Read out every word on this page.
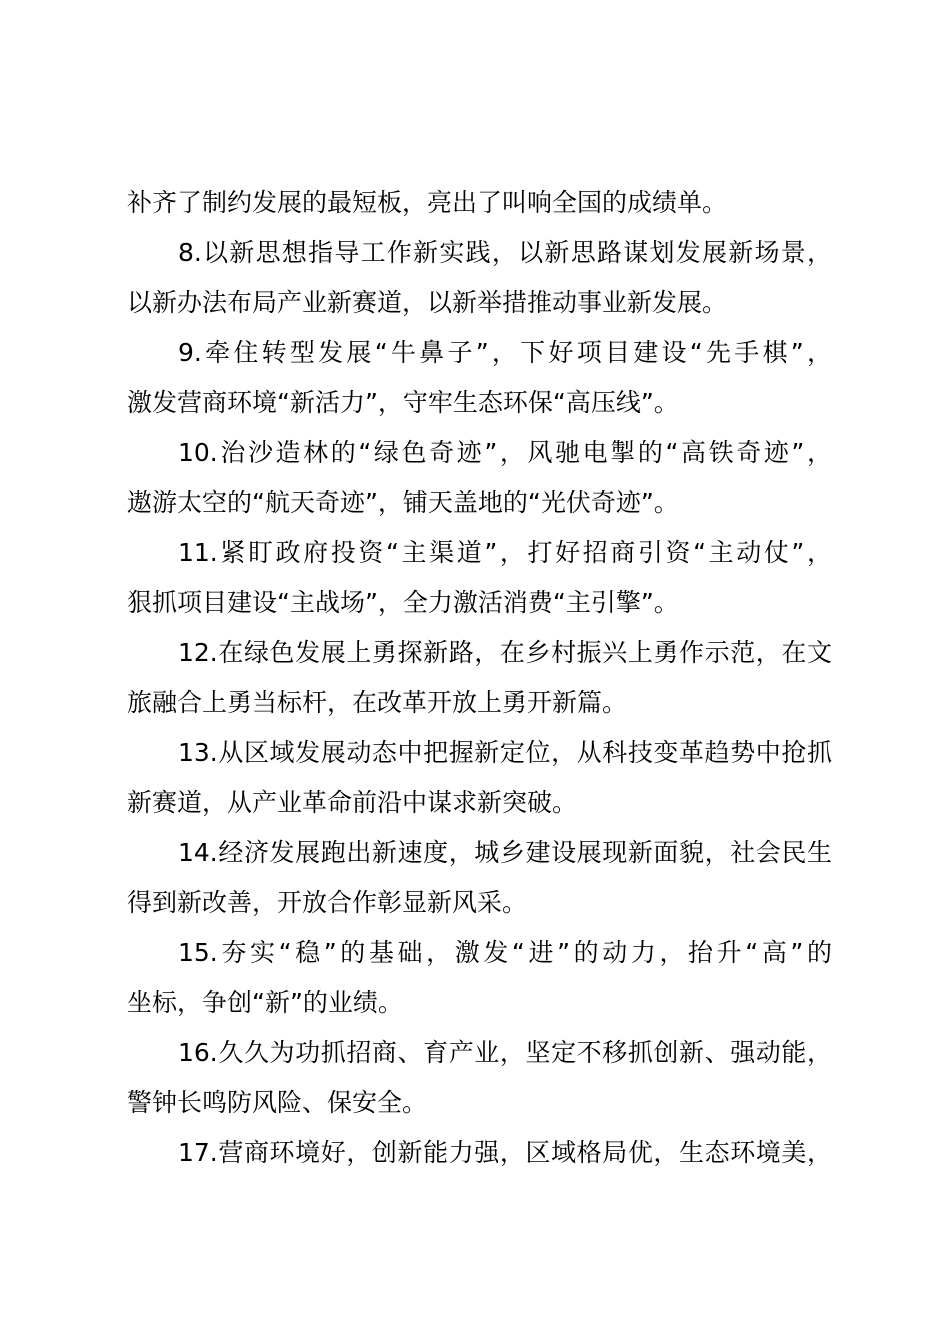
补齐了制约发展的最短板，亮出了叫响全国的成绩单。
8.以新思想指导工作新实践，以新思路谋划发展新场景，
以新办法布局产业新赛道，以新举措推动事业新发展。
9.牵住转型发展“牛鼻子”，下好项目建设“先手棋”，
激发营商环境“新活力”，守牢生态环保“高压线”。
10.治沙造林的“绿色奇迹”，风驰电掣的“高铁奇迹”，
遨游太空的“航天奇迹”，铺天盖地的“光伏奇迹”。
11.紧盯政府投资“主渠道”，打好招商引资“主动仗”，
狠抓项目建设“主战场”，全力激活消费“主引擎”。
12.在绿色发展上勇探新路，在乡村振兴上勇作示范，在文
旅融合上勇当标杆，在改革开放上勇开新篇。
13.从区域发展动态中把握新定位，从科技变革趋势中抢抓
新赛道，从产业革命前沿中谋求新突破。
14.经济发展跑出新速度，城乡建设展现新面貌，社会民生
得到新改善，开放合作彰显新风采。
15.夯实“稳”的基础，激发“进”的动力，抬升“高”的
坐标，争创“新”的业绩。
16.久久为功抓招商、育产业，坚定不移抓创新、强动能，
警钟长鸣防风险、保安全。
17.营商环境好，创新能力强，区域格局优，生态环境美，
